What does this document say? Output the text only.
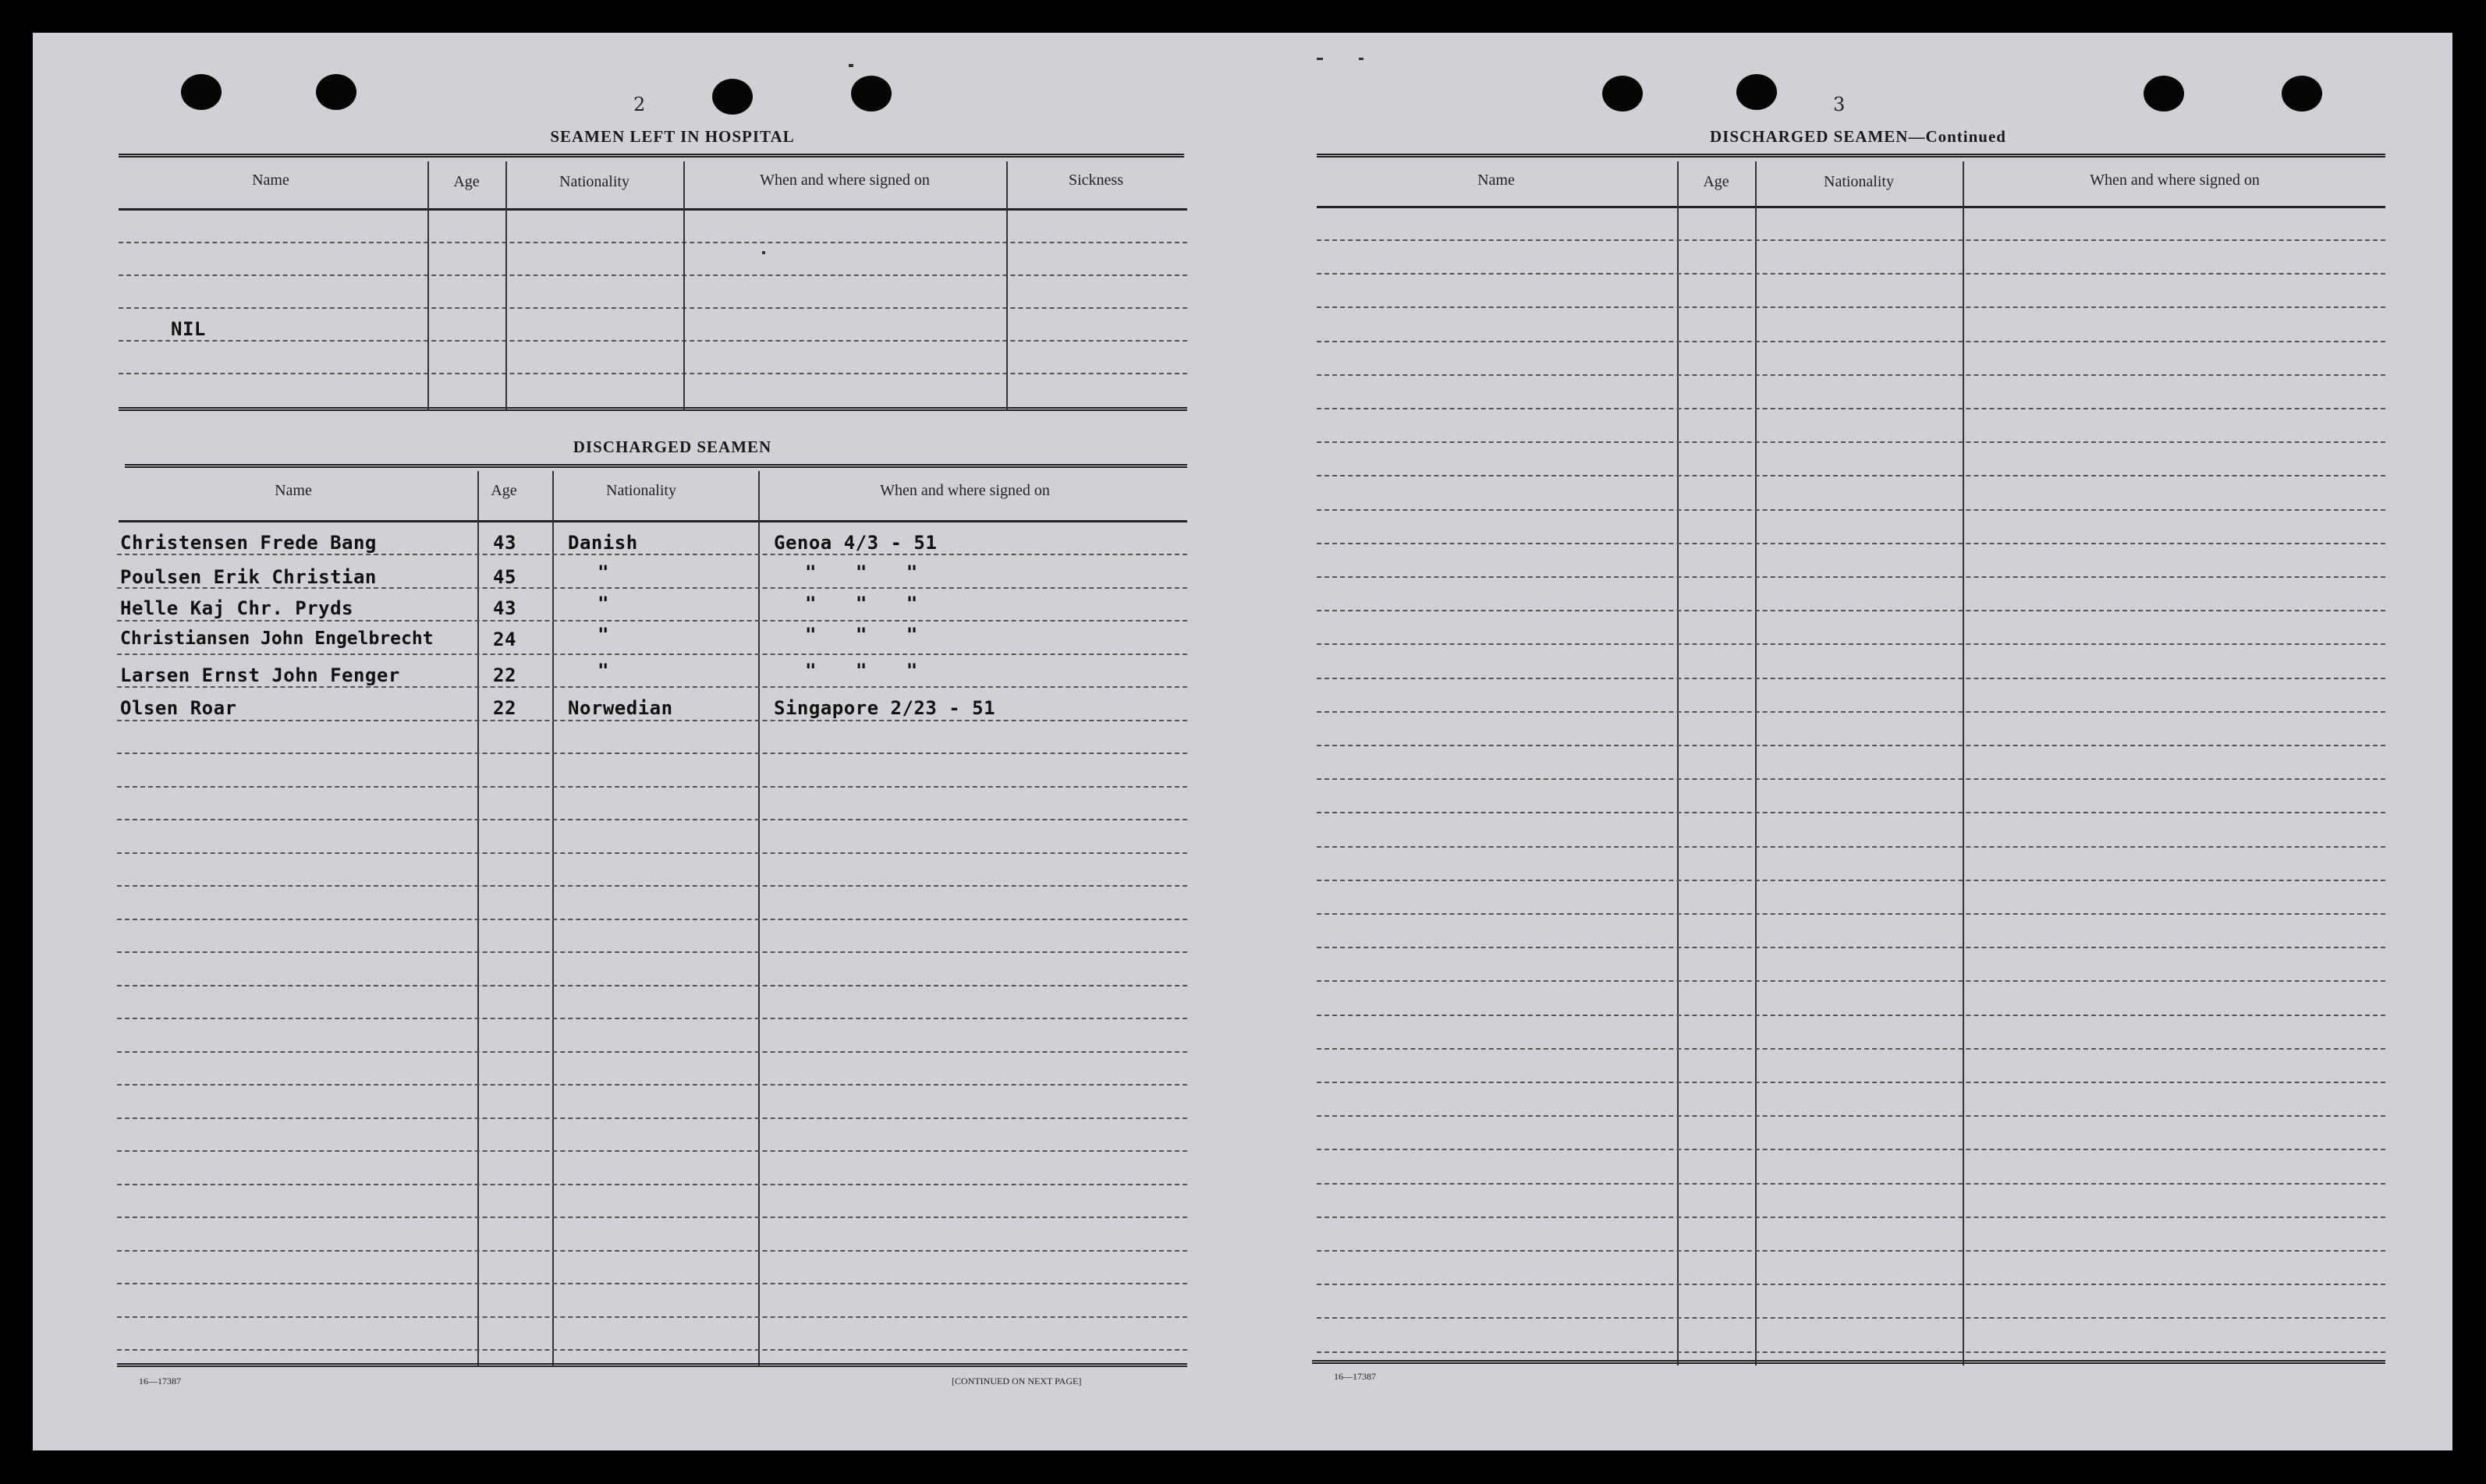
2
SEAMEN LEFT IN HOSPITAL
Name	Age	Nationality	When and where signed on	Sickness
NIL
DISCHARGED SEAMEN
Name	Age	Nationality	When and where signed on
Christensen Frede Bang	43	Danish	Genoa 4/3 - 51
Poulsen Erik Christian	45	"	" " "
Helle Kaj Chr. Pryds	43	"	" " "
Christiansen John Engelbrecht	24	"	" " "
Larsen Ernst John Fenger	22	"	" " "
Olsen Roar	22	Norwedian	Singapore 2/23 - 51
16—17387	[CONTINUED ON NEXT PAGE]
3
DISCHARGED SEAMEN—Continued
Name	Age	Nationality	When and where signed on
16—17387
